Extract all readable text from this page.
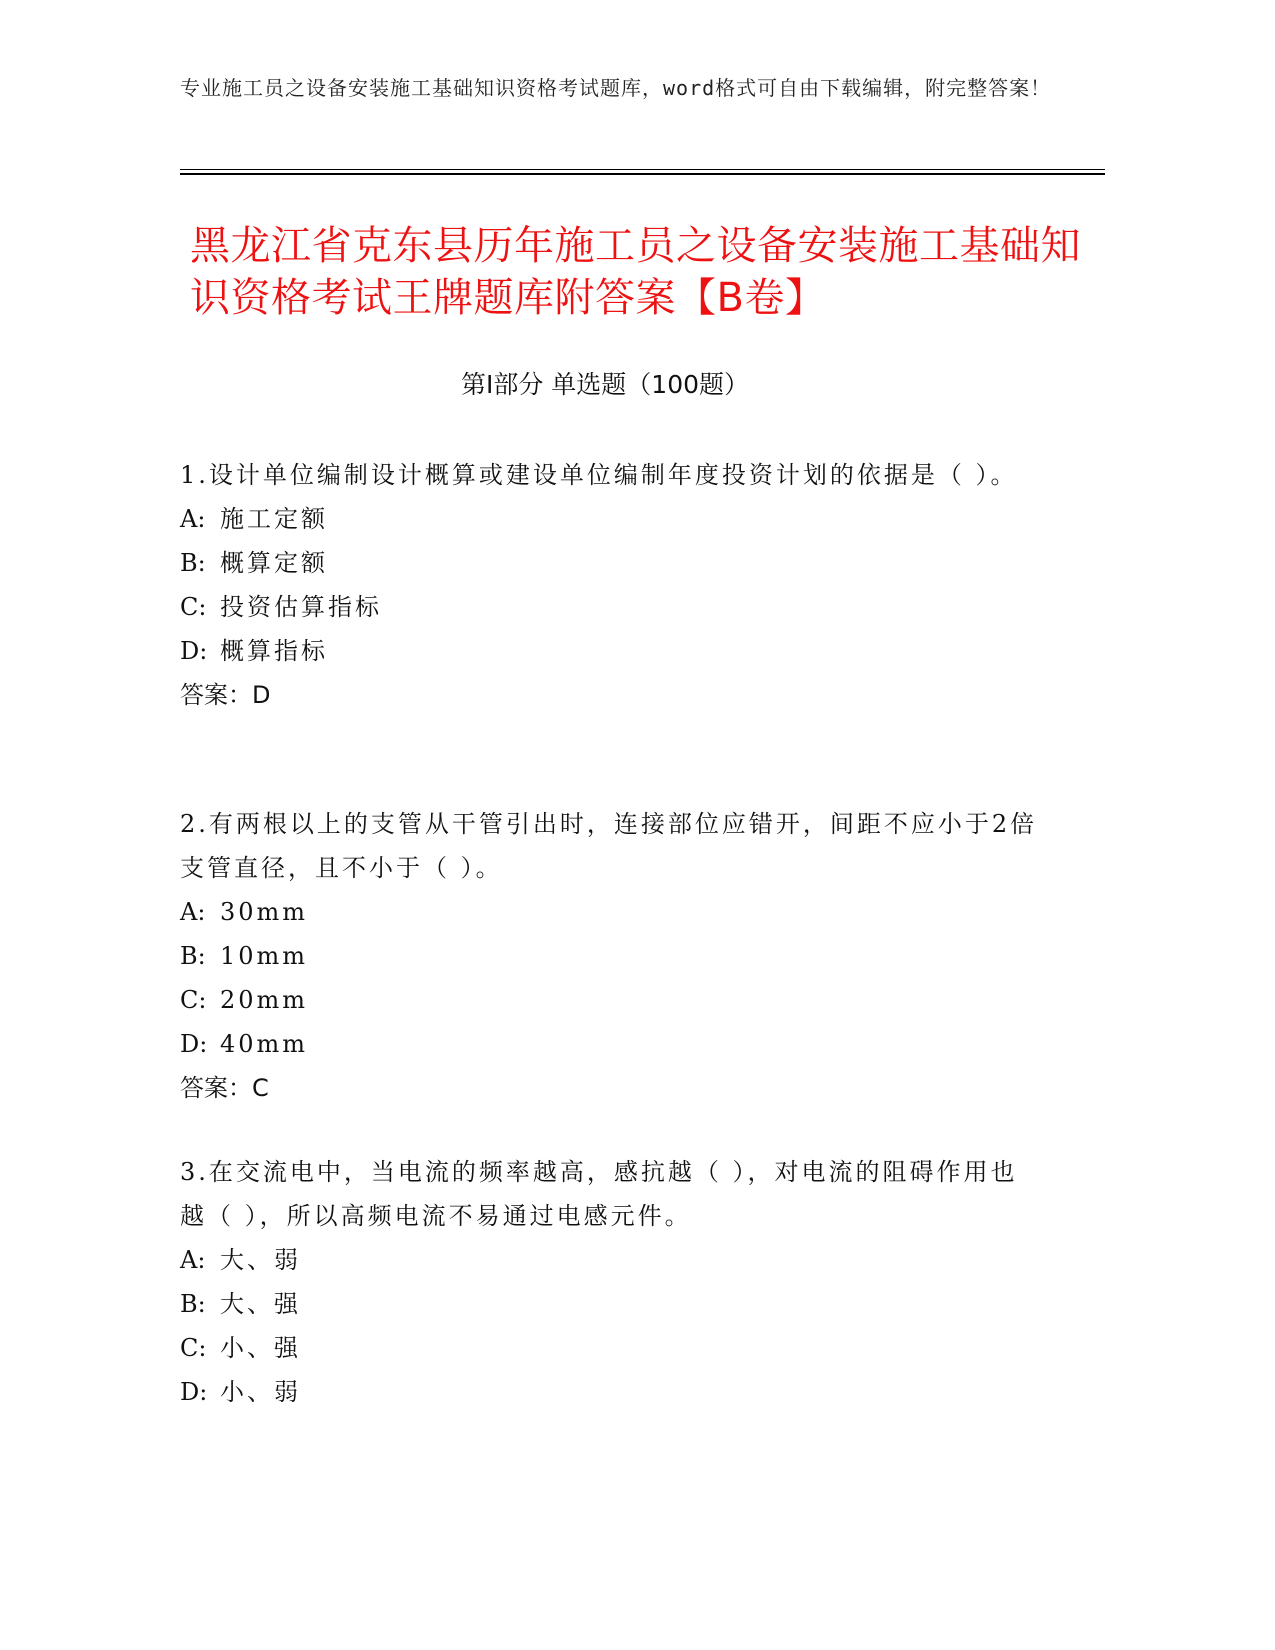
专业施工员之设备安装施工基础知识资格考试题库，word格式可自由下载编辑，附完整答案！
黑龙江省克东县历年施工员之设备安装施工基础知识资格考试王牌题库附答案【B卷】
第I部分 单选题（100题）
1.设计单位编制设计概算或建设单位编制年度投资计划的依据是（ ）。
A: 施工定额
B: 概算定额
C: 投资估算指标
D: 概算指标
答案：D
2.有两根以上的支管从干管引出时，连接部位应错开，间距不应小于2倍支管直径，且不小于（ ）。
A: 30mm
B: 10mm
C: 20mm
D: 40mm
答案：C
3.在交流电中，当电流的频率越高，感抗越（ ），对电流的阻碍作用也越（ ），所以高频电流不易通过电感元件。
A: 大、弱
B: 大、强
C: 小、强
D: 小、弱
